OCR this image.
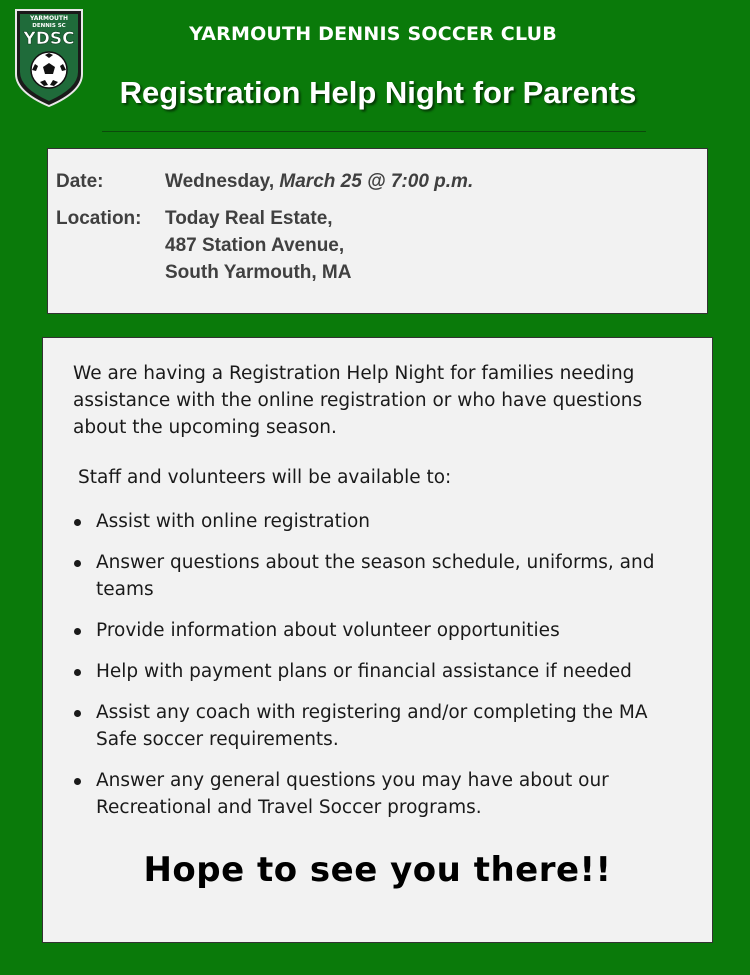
YARMOUTH
DENNIS SC
YDSC	YARMOUTH DENNIS SOCCER CLUB
Registration Help Night for Parents
Date:	Wednesday, March 25 @ 7:00 p.m.
Location: Today Real Estate,
487 Station Avenue,
South Yarmouth, MA

We are having a Registration Help Night for families needing assistance with the online registration or who have questions about the upcoming season.

Staff and volunteers will be available to:

Assist with online registration
Answer questions about the season schedule, uniforms, and teams
Provide information about volunteer opportunities
Help with payment plans or financial assistance if needed
Assist any coach with registering and/or completing the MA Safe soccer requirements.
Answer any general questions you may have about our Recreational and Travel Soccer programs.
Hope to see you there!!
